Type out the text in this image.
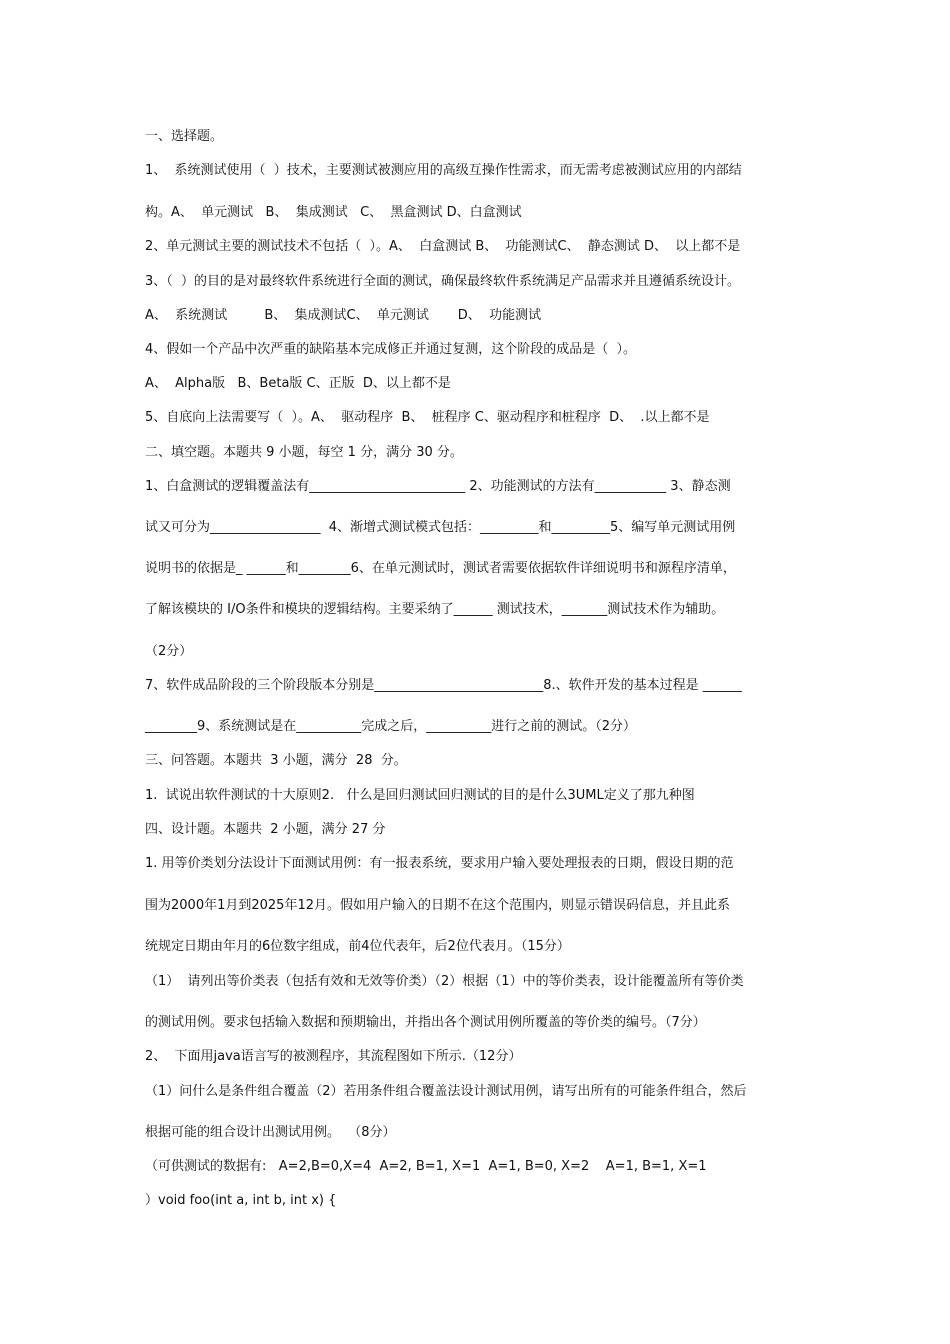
一、选择题。
1、  系统测试使用（  ）技术，主要测试被测应用的高级互操作性需求，而无需考虑被测试应用的内部结
构。A、  单元测试   B、  集成测试   C、  黑盒测试 D、白盒测试
2、单元测试主要的测试技术不包括（  ）。A、  白盒测试 B、  功能测试C、  静态测试 D、  以上都不是
3、（  ）的目的是对最终软件系统进行全面的测试，确保最终软件系统满足产品需求并且遵循系统设计。
A、  系统测试         B、  集成测试C、  单元测试       D、  功能测试
4、假如一个产品中次严重的缺陷基本完成修正并通过复测，这个阶段的成品是（  ）。
A、  Alpha版   B、Beta版 C、正版  D、以上都不是
5、自底向上法需要写（  ）。A、  驱动程序  B、  桩程序 C、驱动程序和桩程序  D、  .以上都不是
二、填空题。本题共 9 小题，每空 1 分，满分 30 分。
1、白盒测试的逻辑覆盖法有________________________ 2、功能测试的方法有___________ 3、静态测
试又可分为_________________  4、渐增式测试模式包括：_________和_________5、编写单元测试用例
说明书的依据是_ ______和________6、在单元测试时，测试者需要依据软件详细说明书和源程序清单，
了解该模块的 I/O条件和模块的逻辑结构。主要采纳了______ 测试技术，_______测试技术作为辅助。
（2分）
7、软件成品阶段的三个阶段版本分别是__________________________8.、软件开发的基本过程是 ______
________9、系统测试是在__________完成之后，__________进行之前的测试。（2分）
三、问答题。本题共  3 小题，满分  28  分。
1.  试说出软件测试的十大原则2.   什么是回归测试回归测试的目的是什么3UML定义了那九种图
四、设计题。本题共  2 小题，满分 27 分
1. 用等价类划分法设计下面测试用例：有一报表系统，要求用户输入要处理报表的日期，假设日期的范
围为2000年1月到2025年12月。假如用户输入的日期不在这个范围内，则显示错误码信息，并且此系
统规定日期由年月的6位数字组成，前4位代表年，后2位代表月。（15分）
（1）  请列出等价类表（包括有效和无效等价类）（2）根据（1）中的等价类表，设计能覆盖所有等价类
的测试用例。要求包括输入数据和预期输出，并指出各个测试用例所覆盖的等价类的编号。（7分）
2、  下面用java语言写的被测程序，其流程图如下所示.（12分）
（1）问什么是条件组合覆盖（2）若用条件组合覆盖法设计测试用例，请写出所有的可能条件组合，然后
根据可能的组合设计出测试用例。  （8分）
（可供测试的数据有:   A=2,B=0,X=4  A=2, B=1, X=1  A=1, B=0, X=2    A=1, B=1, X=1
）void foo(int a, int b, int x) {
